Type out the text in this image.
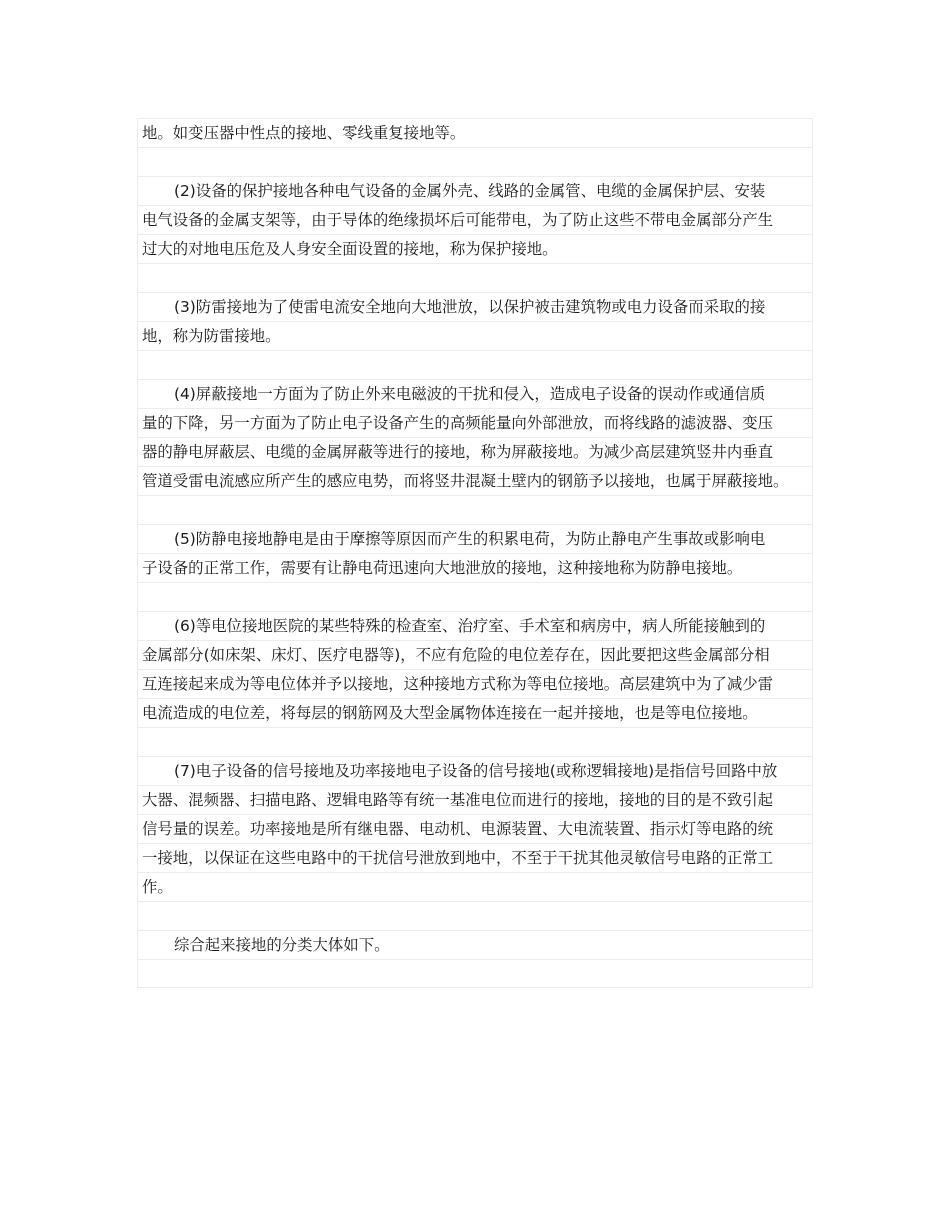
地。如变压器中性点的接地、零线重复接地等。
(2)设备的保护接地各种电气设备的金属外壳、线路的金属管、电缆的金属保护层、安装
电气设备的金属支架等，由于导体的绝缘损坏后可能带电，为了防止这些不带电金属部分产生
过大的对地电压危及人身安全面设置的接地，称为保护接地。
(3)防雷接地为了使雷电流安全地向大地泄放，以保护被击建筑物或电力设备而采取的接
地，称为防雷接地。
(4)屏蔽接地一方面为了防止外来电磁波的干扰和侵入，造成电子设备的误动作或通信质
量的下降，另一方面为了防止电子设备产生的高频能量向外部泄放，而将线路的滤波器、变压
器的静电屏蔽层、电缆的金属屏蔽等进行的接地，称为屏蔽接地。为减少高层建筑竖井内垂直
管道受雷电流感应所产生的感应电势，而将竖井混凝土壁内的钢筋予以接地，也属于屏蔽接地。
(5)防静电接地静电是由于摩擦等原因而产生的积累电荷，为防止静电产生事故或影响电
子设备的正常工作，需要有让静电荷迅速向大地泄放的接地，这种接地称为防静电接地。
(6)等电位接地医院的某些特殊的检查室、治疗室、手术室和病房中，病人所能接触到的
金属部分(如床架、床灯、医疗电器等)，不应有危险的电位差存在，因此要把这些金属部分相
互连接起来成为等电位体并予以接地，这种接地方式称为等电位接地。高层建筑中为了减少雷
电流造成的电位差，将每层的钢筋网及大型金属物体连接在一起并接地，也是等电位接地。
(7)电子设备的信号接地及功率接地电子设备的信号接地(或称逻辑接地)是指信号回路中放
大器、混频器、扫描电路、逻辑电路等有统一基准电位而进行的接地，接地的目的是不致引起
信号量的误差。功率接地是所有继电器、电动机、电源装置、大电流装置、指示灯等电路的统
一接地，以保证在这些电路中的干扰信号泄放到地中，不至于干扰其他灵敏信号电路的正常工
作。
综合起来接地的分类大体如下。
